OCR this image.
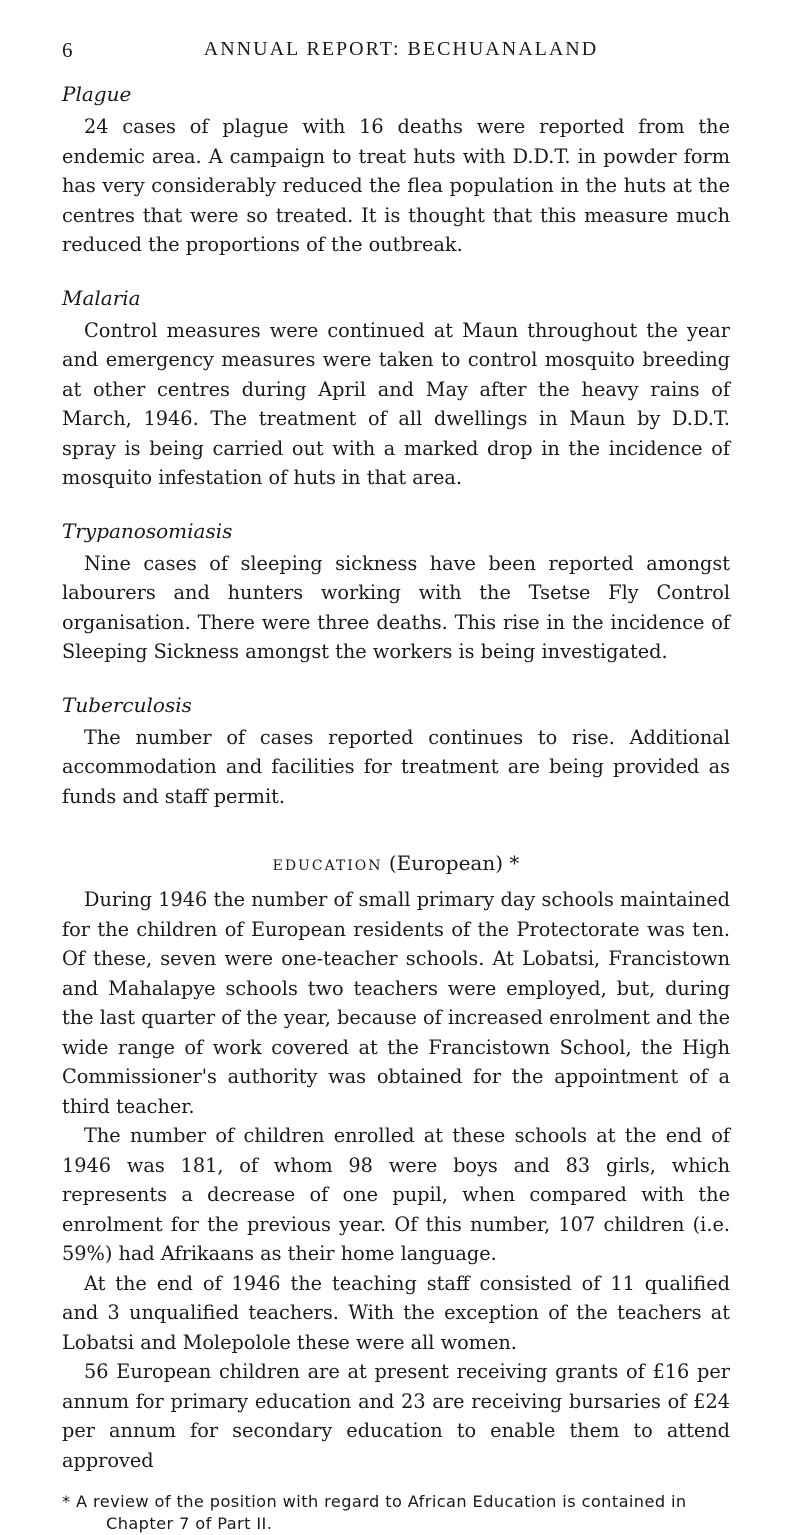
6	ANNUAL REPORT: BECHUANALAND

Plague

24 cases of plague with 16 deaths were reported from the endemic area. A campaign to treat huts with D.D.T. in powder form has very considerably reduced the flea population in the huts at the centres that were so treated. It is thought that this measure much reduced the proportions of the outbreak.

Malaria

Control measures were continued at Maun throughout the year and emergency measures were taken to control mosquito breeding at other centres during April and May after the heavy rains of March, 1946. The treatment of all dwellings in Maun by D.D.T. spray is being carried out with a marked drop in the incidence of mosquito infestation of huts in that area.

Trypanosomiasis

Nine cases of sleeping sickness have been reported amongst labourers and hunters working with the Tsetse Fly Control organisation. There were three deaths. This rise in the incidence of Sleeping Sickness amongst the workers is being investigated.

Tuberculosis

The number of cases reported continues to rise. Additional accommodation and facilities for treatment are being provided as funds and staff permit.

EDUCATION (European) *

During 1946 the number of small primary day schools maintained for the children of European residents of the Protectorate was ten. Of these, seven were one-teacher schools. At Lobatsi, Francistown and Mahalapye schools two teachers were employed, but, during the last quarter of the year, because of increased enrolment and the wide range of work covered at the Francistown School, the High Commissioner's authority was obtained for the appointment of a third teacher.

The number of children enrolled at these schools at the end of 1946 was 181, of whom 98 were boys and 83 girls, which represents a decrease of one pupil, when compared with the enrolment for the previous year. Of this number, 107 children (i.e. 59%) had Afrikaans as their home language.

At the end of 1946 the teaching staff consisted of 11 qualified and 3 unqualified teachers. With the exception of the teachers at Lobatsi and Molepolole these were all women.

56 European children are at present receiving grants of £16 per annum for primary education and 23 are receiving bursaries of £24 per annum for secondary education to enable them to attend approved

* A review of the position with regard to African Education is contained in
Chapter 7 of Part II.
